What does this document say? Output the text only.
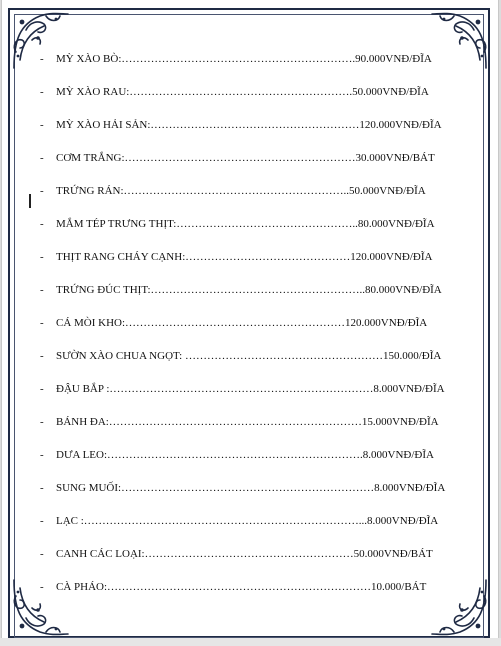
-	MỲ XÀO BÒ:……………………………………………………….90.000VNĐ/ĐĨA
-	MỲ XÀO RAU:…………………………………………………….50.000VNĐ/ĐĨA
-	MỲ XÀO HẢI SẢN:…………………………………………………120.000VNĐ/ĐĨA
-	CƠM TRẮNG:………………………………………………………30.000VNĐ/BÁT
-	TRỨNG RÁN:……………………………………………………..50.000VNĐ/ĐĨA
-	MẮM TÉP TRƯNG THỊT:…………………………………………..80.000VNĐ/ĐĨA
-	THỊT RANG CHÁY CẠNH:………………………………………120.000VNĐ/ĐĨA
-	TRỨNG ĐÚC THỊT:…………………………………………………..80.000VNĐ/ĐĨA
-	CÁ MÒI KHO:……………………………………………………120.000VNĐ/ĐĨA
-	SƯỜN XÀO CHUA NGỌT: ………………………………………………150.000/ĐĨA
-	ĐẬU BẮP :………………………………………………………………8.000VNĐ/ĐĨA
-	BÁNH ĐA:……………………………………………………………15.000VNĐ/ĐĨA
-	DƯA LEO:…………………………………………………………….8.000VNĐ/ĐĨA
-	SUNG MUỐI:……………………………………………………………8.000VNĐ/ĐĨA
-	LẠC :…………………………………………………………………...8.000VNĐ/ĐĨA
-	CANH CÁC LOẠI:…………………………………………………50.000VNĐ/BÁT
-	CÀ PHÁO:………………………………………………………………10.000/BÁT
